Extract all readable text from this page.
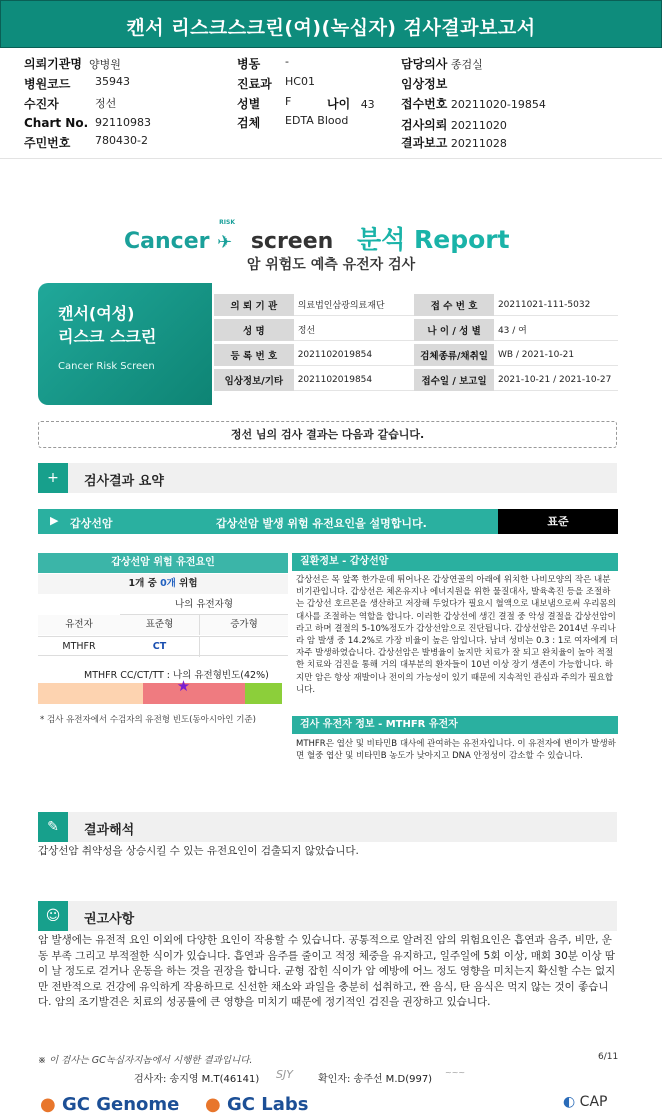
캔서 리스크스크린(여)(녹십자) 검사결과보고서
의뢰기관명 양병원
병원코드 35943
수진자	정선
Chart No. 92110983
주민번호 780430-2
병동 -
진료과 HC01
성별 F	나이 43
검체 EDTA Blood
담당의사 종검실
임상정보
접수번호 20211020-19854
검사의뢰 20211020
결과보고 20211028
Cancer
RISK
✈ screen 분석 Report
암 위험도 예측 유전자 검사
캔서(여성)
리스크 스크린
Cancer Risk Screen
의 뢰 기 관	의료법인삼광의료재단	접 수 번 호	20211021-111-5032
성 명	정선	나 이 / 성 별	43 / 여
등 록 번 호	2021102019854	검체종류/채취일	WB / 2021-10-21
임상정보/기타	2021102019854	접수일 / 보고일	2021-10-21 / 2021-10-27
정선 님의 검사 결과는 다음과 같습니다.
+	검사결과 요약
▶ 갑상선암	갑상선암 발생 위험 유전요인을 설명합니다.	표준
갑상선암 위험 유전요인
1개 중 0개 위험
나의 유전자형
유전자	표준형	증가형
MTHFR	CT
MTHFR CC/CT/TT : 나의 유전형빈도(42%)
★
* 검사 유전자에서 수검자의 유전형 빈도(동아시아인 기준)
질환정보 - 갑상선암
갑상선은 목 앞쪽 한가운데 튀어나온 갑상연골의 아래에 위치한 나비모양의 작은 내분비기관입니다. 갑상선은 체온유지나 에너지원을 위한 물질대사, 발육촉진 등을 조절하는 갑상선 호르몬을 생산하고 저장해 두었다가 필요시 혈액으로 내보냄으로써 우리몸의 대사를 조절하는 역할을 합니다. 이러한 갑상선에 생긴 결절 중 악성 결절을 갑상선암이라고 하며 결절의 5-10%정도가 갑상선암으로 진단됩니다. 갑상선암은 2014년 우리나라 암 발생 중 14.2%로 가장 비율이 높은 암입니다. 남녀 성비는 0.3 : 1로 여자에게 더 자주 발생하였습니다. 갑상선암은 발병율이 높지만 치료가 잘 되고 완치율이 높아 적절한 치료와 검진을 통해 거의 대부분의 환자들이 10년 이상 장기 생존이 가능합니다. 하지만 암은 항상 재발이나 전이의 가능성이 있기 때문에 지속적인 관심과 주의가 필요합니다.
검사 유전자 정보 - MTHFR 유전자
MTHFR은 엽산 및 비타민B 대사에 관여하는 유전자입니다. 이 유전자에 변이가 발생하면 혈중 엽산 및 비타민B 농도가 낮아지고 DNA 안정성이 감소할 수 있습니다.
✎	결과해석
갑상선암 취약성을 상승시킬 수 있는 유전요인이 검출되지 않았습니다.
☺	권고사항
암 발생에는 유전적 요인 이외에 다양한 요인이 작용할 수 있습니다. 공통적으로 알려진 암의 위험요인은 흡연과 음주, 비만, 운동 부족 그리고 부적절한 식이가 있습니다. 흡연과 음주를 줄이고 적정 체중을 유지하고, 일주일에 5회 이상, 매회 30분 이상 땀이 날 정도로 걷거나 운동을 하는 것을 권장을 합니다. 균형 잡힌 식이가 암 예방에 어느 정도 영향을 미치는지 확신할 수는 없지만 전반적으로 건강에 유익하게 작용하므로 신선한 채소와 과일을 충분히 섭취하고, 짠 음식, 탄 음식은 먹지 않는 것이 좋습니다. 암의 조기발견은 치료의 성공률에 큰 영향을 미치기 때문에 정기적인 검진을 권장하고 있습니다.
※ 이 검사는 GC녹십자지놈에서 시행한 결과입니다.	6/11
검사자: 송지영 M.T(46141)	확인자: 송주선 M.D(997)
SJY	~~~
● GC Genome ● GC Labs	◐ CAP
